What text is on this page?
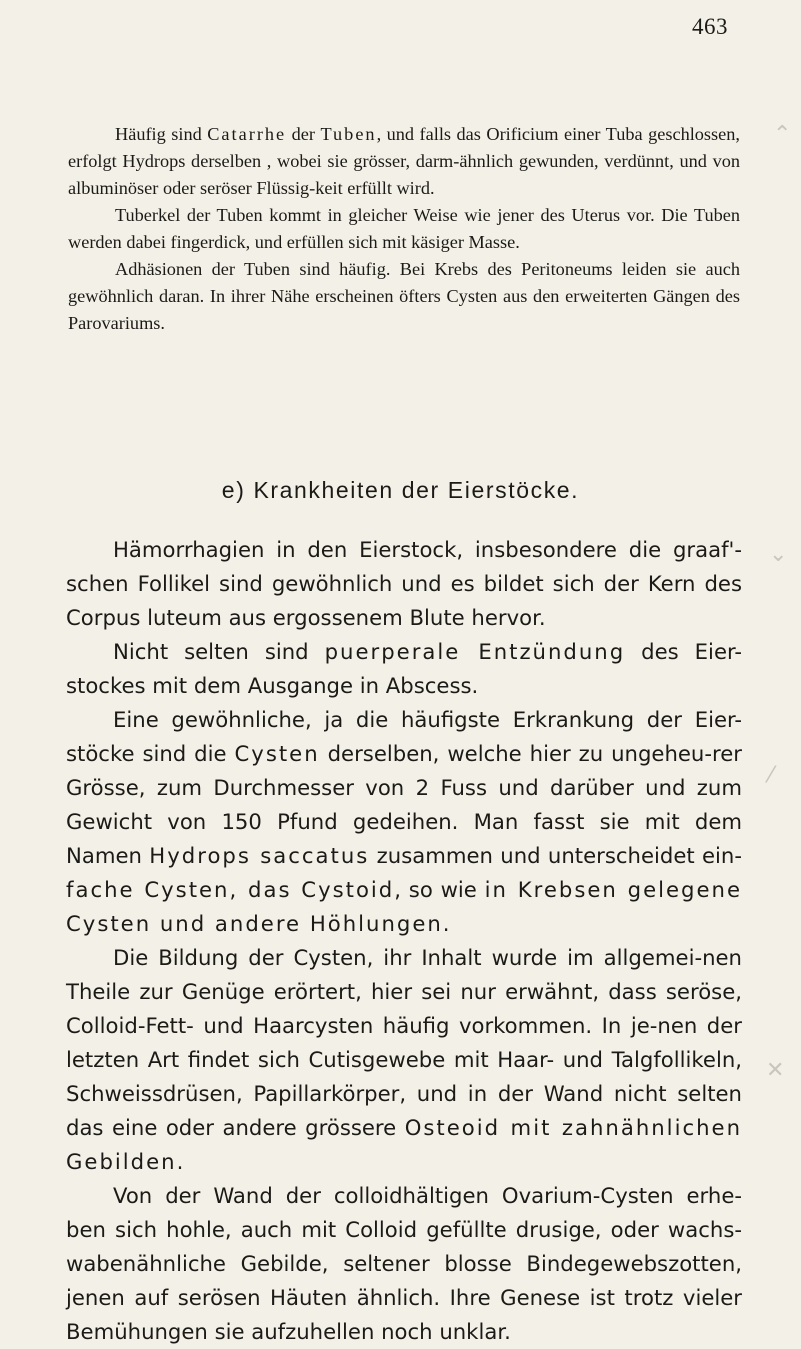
463

Häufig sind Catarrhe der Tuben, und falls das Orificium einer Tuba geschlossen, erfolgt Hydrops derselben , wobei sie grösser, darm-ähnlich gewunden, verdünnt, und von albuminöser oder seröser Flüssig-keit erfüllt wird.

Tuberkel der Tuben kommt in gleicher Weise wie jener des Uterus vor. Die Tuben werden dabei fingerdick, und erfüllen sich mit käsiger Masse.

Adhäsionen der Tuben sind häufig. Bei Krebs des Peritoneums leiden sie auch gewöhnlich daran. In ihrer Nähe erscheinen öfters Cysten aus den erweiterten Gängen des Parovariums.

e) Krankheiten der Eierstöcke.

Hämorrhagien in den Eierstock, insbesondere die graaf'-schen Follikel sind gewöhnlich und es bildet sich der Kern des Corpus luteum aus ergossenem Blute hervor.

Nicht selten sind puerperale Entzündung des Eier-stockes mit dem Ausgange in Abscess.

Eine gewöhnliche, ja die häufigste Erkrankung der Eier-stöcke sind die Cysten derselben, welche hier zu ungeheu-rer Grösse, zum Durchmesser von 2 Fuss und darüber und zum Gewicht von 150 Pfund gedeihen. Man fasst sie mit dem Namen Hydrops saccatus zusammen und unterscheidet ein-fache Cysten, das Cystoid, so wie in Krebsen gelegene Cysten und andere Höhlungen.

Die Bildung der Cysten, ihr Inhalt wurde im allgemei-nen Theile zur Genüge erörtert, hier sei nur erwähnt, dass seröse, Colloid-Fett- und Haarcysten häufig vorkommen. In je-nen der letzten Art findet sich Cutisgewebe mit Haar- und Talgfollikeln, Schweissdrüsen, Papillarkörper, und in der Wand nicht selten das eine oder andere grössere Osteoid mit zahnähnlichen Gebilden.

Von der Wand der colloidhältigen Ovarium-Cysten erhe-ben sich hohle, auch mit Colloid gefüllte drusige, oder wachs-wabenähnliche Gebilde, seltener blosse Bindegewebszotten, jenen auf serösen Häuten ähnlich. Ihre Genese ist trotz vieler Bemühungen sie aufzuhellen noch unklar.

⌃
⌄
⁄
✕
